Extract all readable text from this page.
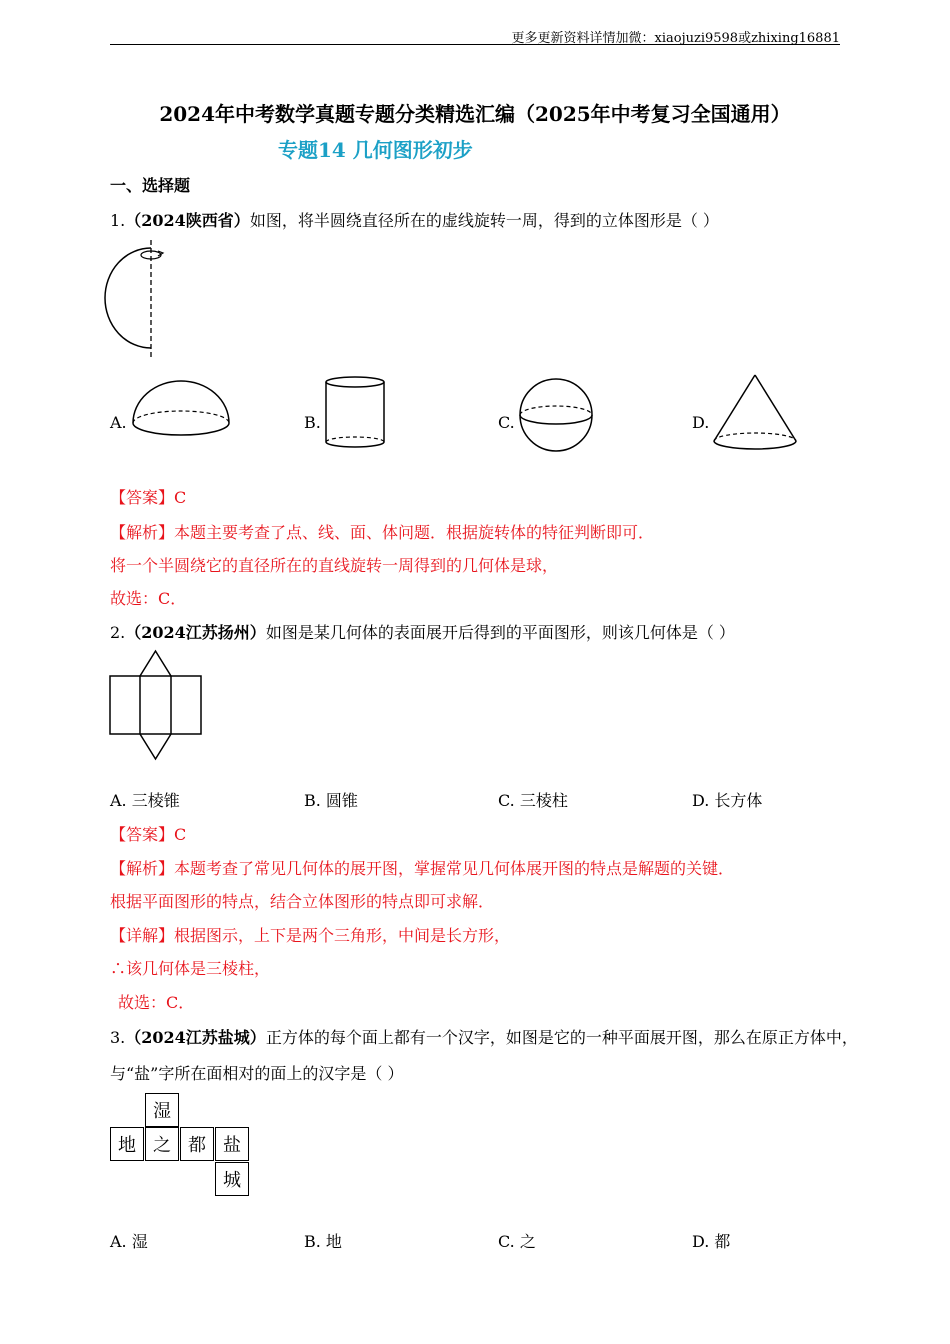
更多更新资料详情加微：xiaojuzi9598或zhixing16881
2024年中考数学真题专题分类精选汇编（2025年中考复习全国通用）
专题14 几何图形初步
一、选择题
1.（2024陕西省）如图，将半圆绕直径所在的虚线旋转一周，得到的立体图形是（ ）
A.	B.	C.	D.
【答案】C
【解析】本题主要考查了点、线、面、体问题．根据旋转体的特征判断即可．
将一个半圆绕它的直径所在的直线旋转一周得到的几何体是球，
故选：C．
2.（2024江苏扬州）如图是某几何体的表面展开后得到的平面图形，则该几何体是（ ）
A. 三棱锥	B. 圆锥	C. 三棱柱	D. 长方体
【答案】C
【解析】本题考查了常见几何体的展开图，掌握常见几何体展开图的特点是解题的关键．
根据平面图形的特点，结合立体图形的特点即可求解．
【详解】根据图示，上下是两个三角形，中间是长方形，
∴该几何体是三棱柱，
故选：C．
3.（2024江苏盐城）正方体的每个面上都有一个汉字，如图是它的一种平面展开图，那么在原正方体中，
与“盐”字所在面相对的面上的汉字是（ ）
湿
地 之 都 盐
城
A. 湿	B. 地	C. 之	D. 都
